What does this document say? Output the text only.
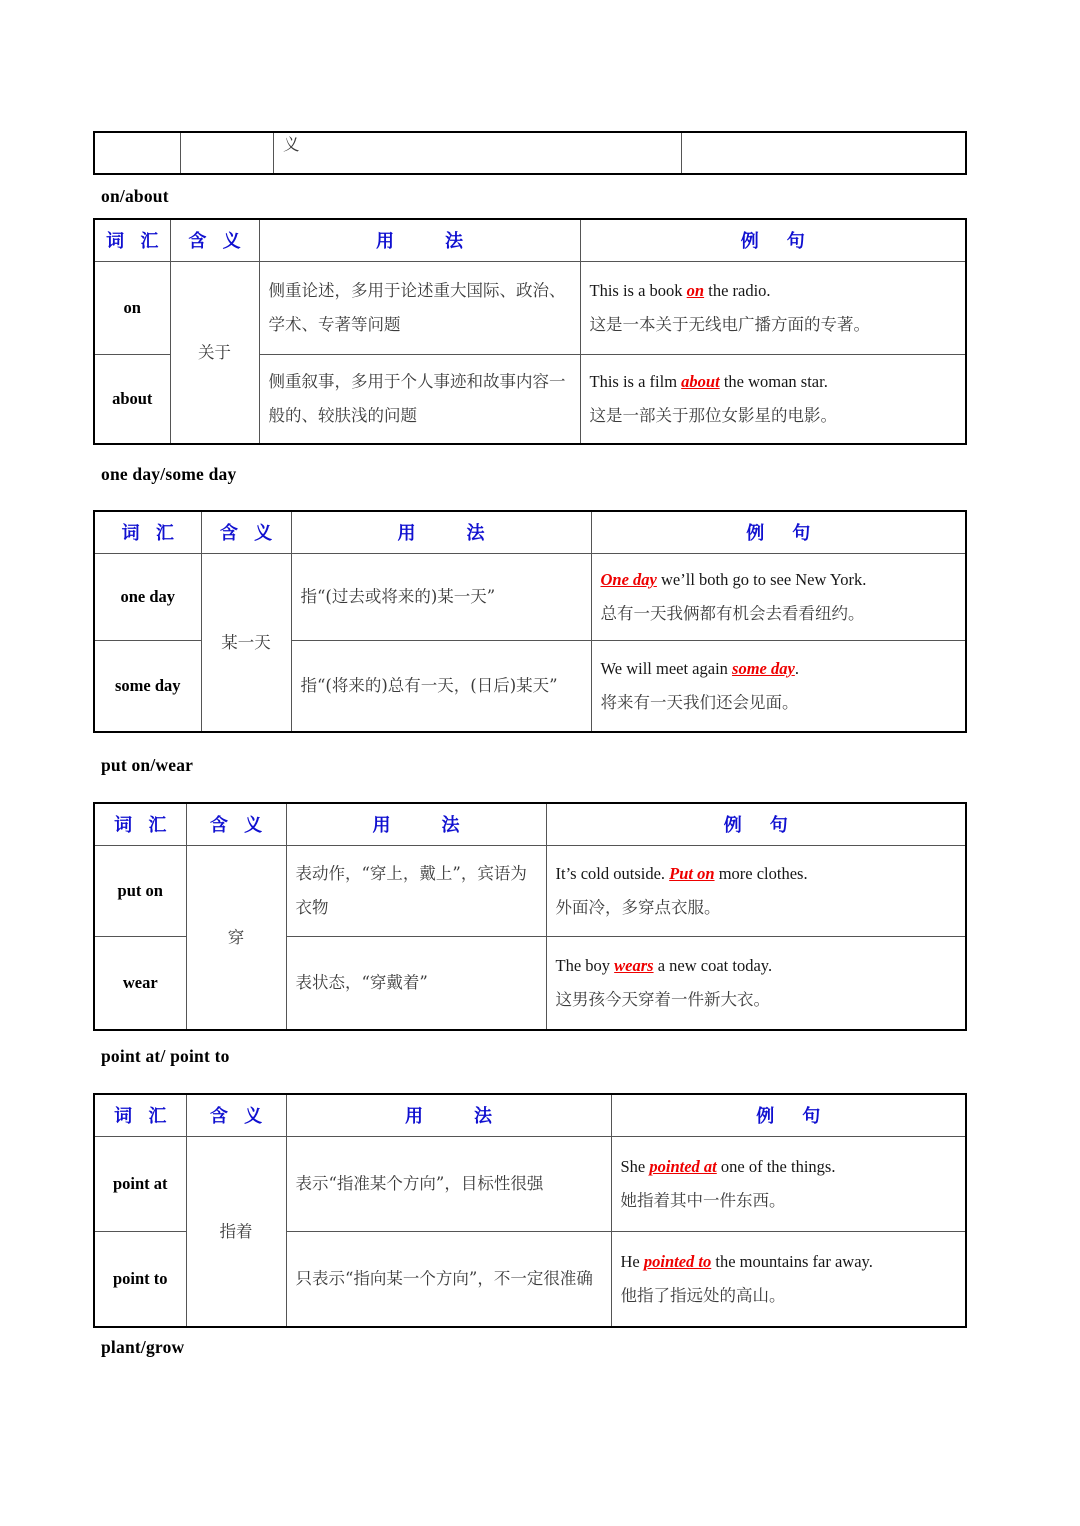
		义	
on/about
词 汇	含 义	用　　法	例　句
on	关于	侧重论述，多用于论述重大国际、政治、学术、专著等问题	This is a book on the radio.
这是一本关于无线电广播方面的专著。

about		侧重叙事，多用于个人事迹和故事内容一般的、较肤浅的问题	This is a film about the woman star.
这是一部关于那位女影星的电影。
one day/some day
词 汇	含 义	用　　法	例　句
one day	某一天	指“(过去或将来的)某一天”	One day we’ll both go to see New York.
总有一天我俩都有机会去看看纽约。

some day		指“(将来的)总有一天，(日后)某天”	We will meet again some day.
将来有一天我们还会见面。
put on/wear
词 汇	含 义	用　　法	例　句
put on	穿	表动作，“穿上，戴上”，宾语为衣物	It’s cold outside. Put on more clothes.
外面冷，多穿点衣服。

wear		表状态，“穿戴着”	The boy wears a new coat today.
这男孩今天穿着一件新大衣。
point at/ point to
词 汇	含 义	用　　法	例　句
point at	指着	表示“指准某个方向”，目标性很强	She pointed at one of the things.
她指着其中一件东西。

point to		只表示“指向某一个方向”，不一定很准确	He pointed to the mountains far away.
他指了指远处的高山。
plant/grow
